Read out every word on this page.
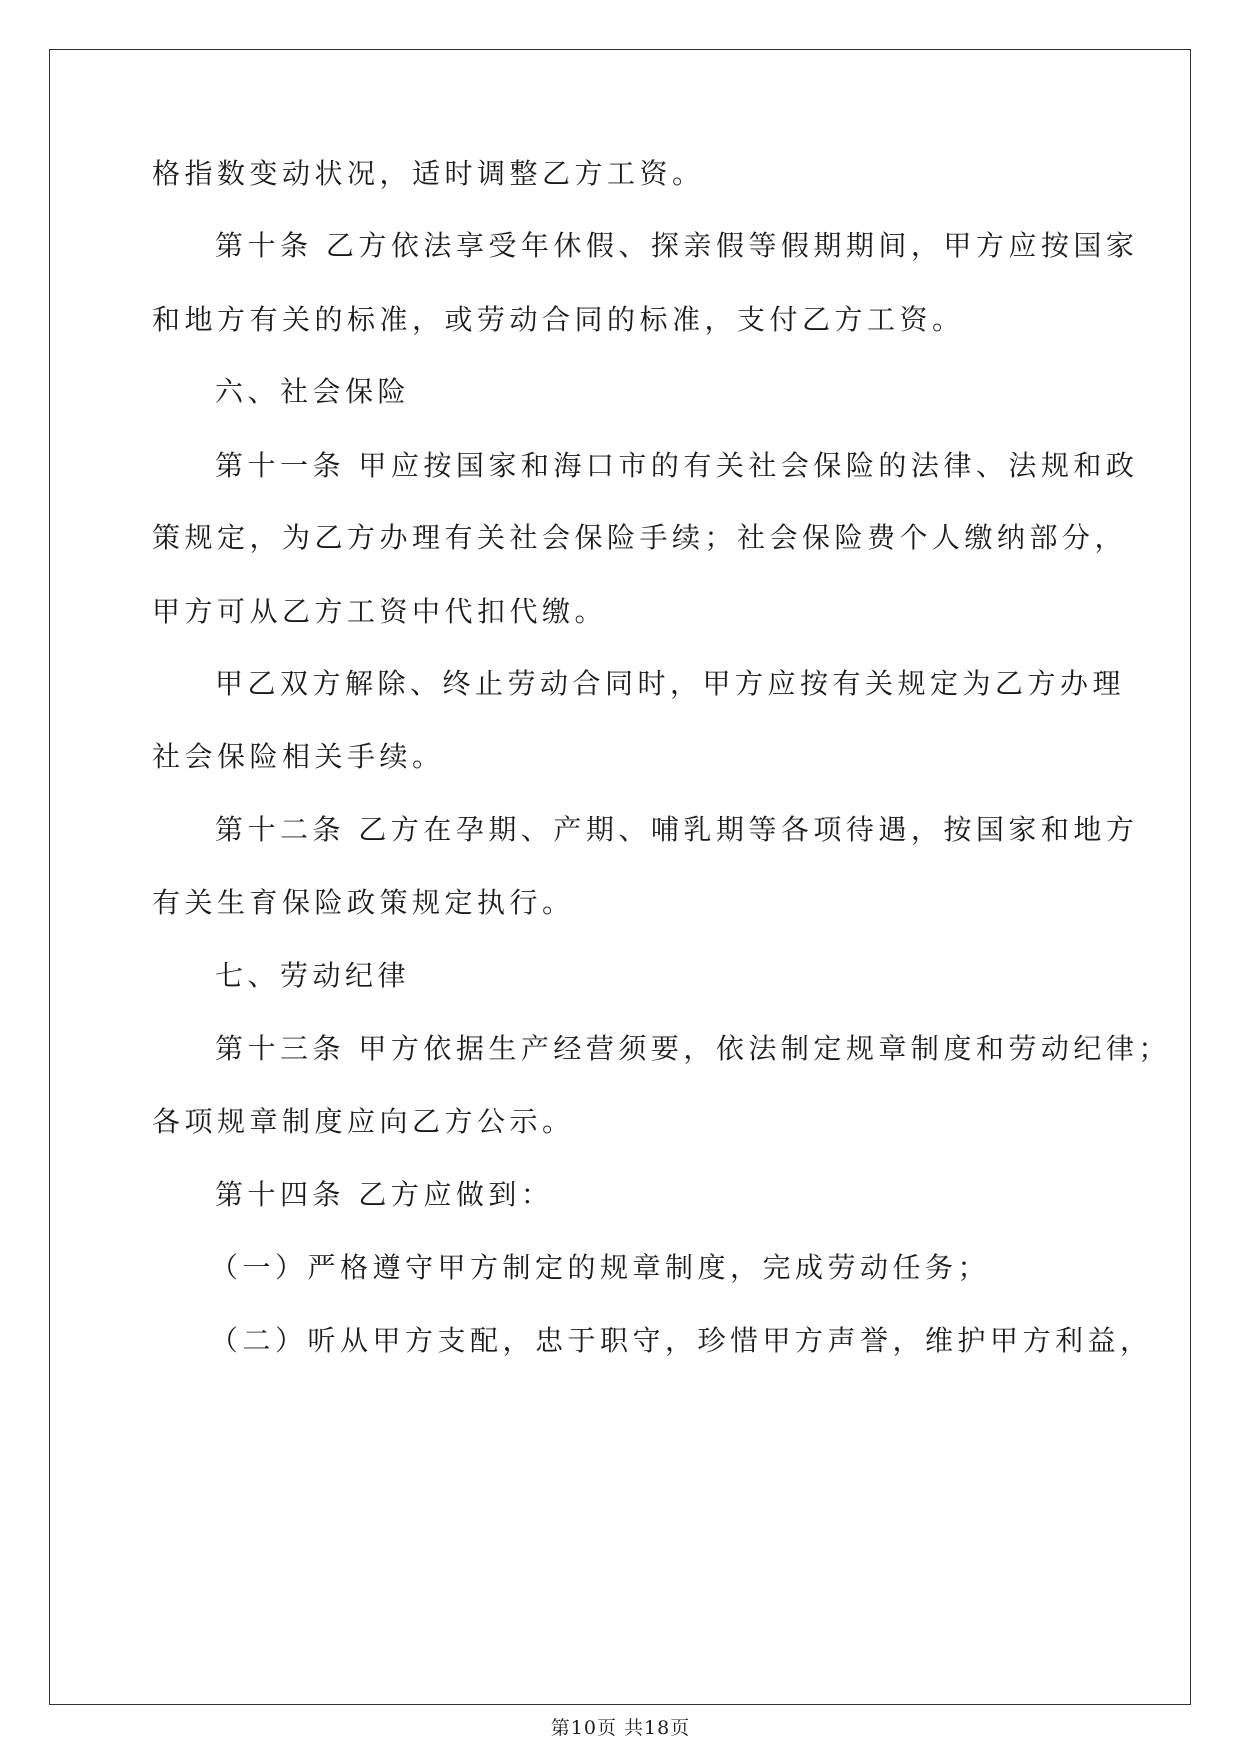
格指数变动状况，适时调整乙方工资。
第十条 乙方依法享受年休假、探亲假等假期期间，甲方应按国家
和地方有关的标准，或劳动合同的标准，支付乙方工资。
六、社会保险
第十一条 甲应按国家和海口市的有关社会保险的法律、法规和政
策规定，为乙方办理有关社会保险手续；社会保险费个人缴纳部分，
甲方可从乙方工资中代扣代缴。
甲乙双方解除、终止劳动合同时，甲方应按有关规定为乙方办理
社会保险相关手续。
第十二条 乙方在孕期、产期、哺乳期等各项待遇，按国家和地方
有关生育保险政策规定执行。
七、劳动纪律
第十三条 甲方依据生产经营须要，依法制定规章制度和劳动纪律；
各项规章制度应向乙方公示。
第十四条 乙方应做到：
（一）严格遵守甲方制定的规章制度，完成劳动任务；
（二）听从甲方支配，忠于职守，珍惜甲方声誉，维护甲方利益，
第10页 共18页
